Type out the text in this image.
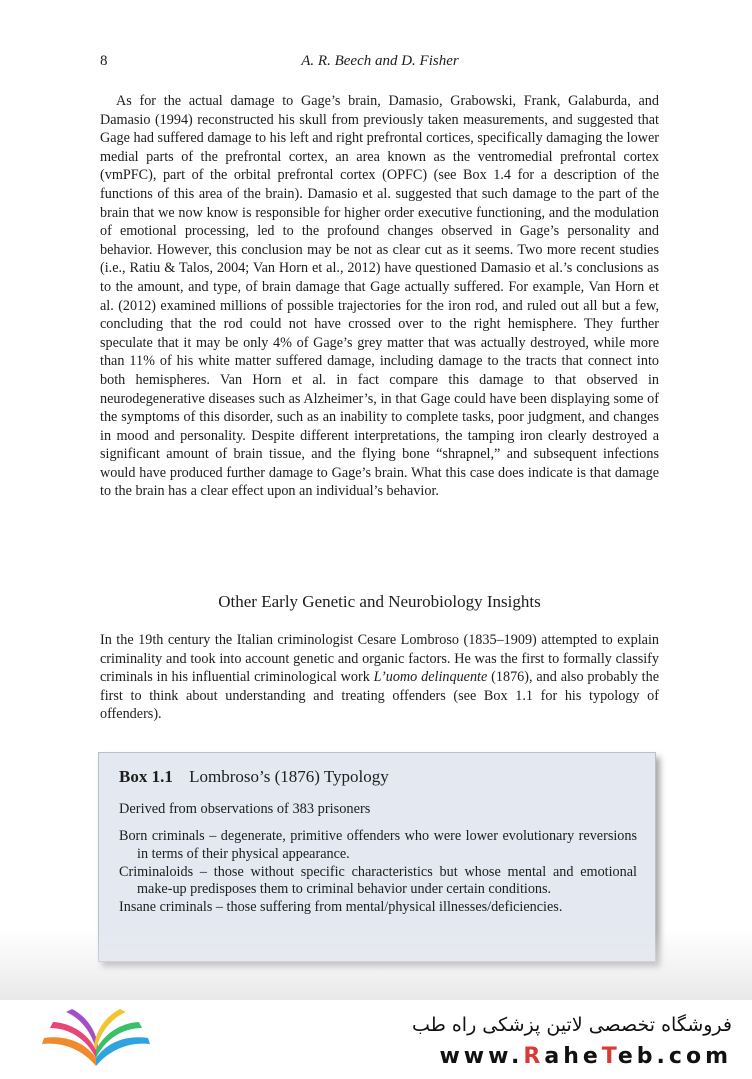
8	A. R. Beech and D. Fisher

As for the actual damage to Gage’s brain, Damasio, Grabowski, Frank, Galaburda, and Damasio (1994) reconstructed his skull from previously taken measurements, and suggested that Gage had suffered damage to his left and right prefrontal cortices, specifically damaging the lower medial parts of the prefrontal cortex, an area known as the ventromedial prefrontal cortex (vmPFC), part of the orbital prefrontal cortex (OPFC) (see Box 1.4 for a description of the functions of this area of the brain). Damasio et al. suggested that such damage to the part of the brain that we now know is responsible for higher order executive functioning, and the modulation of emotional processing, led to the profound changes observed in Gage’s personality and behavior. However, this conclusion may be not as clear cut as it seems. Two more recent studies (i.e., Ratiu & Talos, 2004; Van Horn et al., 2012) have questioned Damasio et al.’s conclusions as to the amount, and type, of brain damage that Gage actually suffered. For example, Van Horn et al. (2012) examined millions of possible trajectories for the iron rod, and ruled out all but a few, concluding that the rod could not have crossed over to the right hemisphere. They further speculate that it may be only 4% of Gage’s grey matter that was actually destroyed, while more than 11% of his white matter suffered damage, including damage to the tracts that connect into both hemispheres. Van Horn et al. in fact compare this damage to that observed in neurodegenerative diseases such as Alzheimer’s, in that Gage could have been displaying some of the symptoms of this disorder, such as an inability to complete tasks, poor judgment, and changes in mood and personality. Despite different interpretations, the tamping iron clearly destroyed a significant amount of brain tissue, and the flying bone “shrapnel,” and subsequent infections would have produced further damage to Gage’s brain. What this case does indicate is that damage to the brain has a clear effect upon an individual’s behavior.

Other Early Genetic and Neurobiology Insights

In the 19th century the Italian criminologist Cesare Lombroso (1835–1909) attempted to explain criminality and took into account genetic and organic factors. He was the first to formally classify criminals in his influential criminological work L’uomo delinquente (1876), and also probably the first to think about understanding and treating offenders (see Box 1.1 for his typology of offenders).

Box 1.1 Lombroso’s (1876) Typology
Derived from observations of 383 prisoners

Born criminals – degenerate, primitive offenders who were lower evolutionary reversions in terms of their physical appearance.

Criminaloids – those without specific characteristics but whose mental and emotional make-up predisposes them to criminal behavior under certain conditions.

Insane criminals – those suffering from mental/physical illnesses/deficiencies.

فروشگاه تخصصی لاتین پزشکی راه طب
www.RaheTeb.com
